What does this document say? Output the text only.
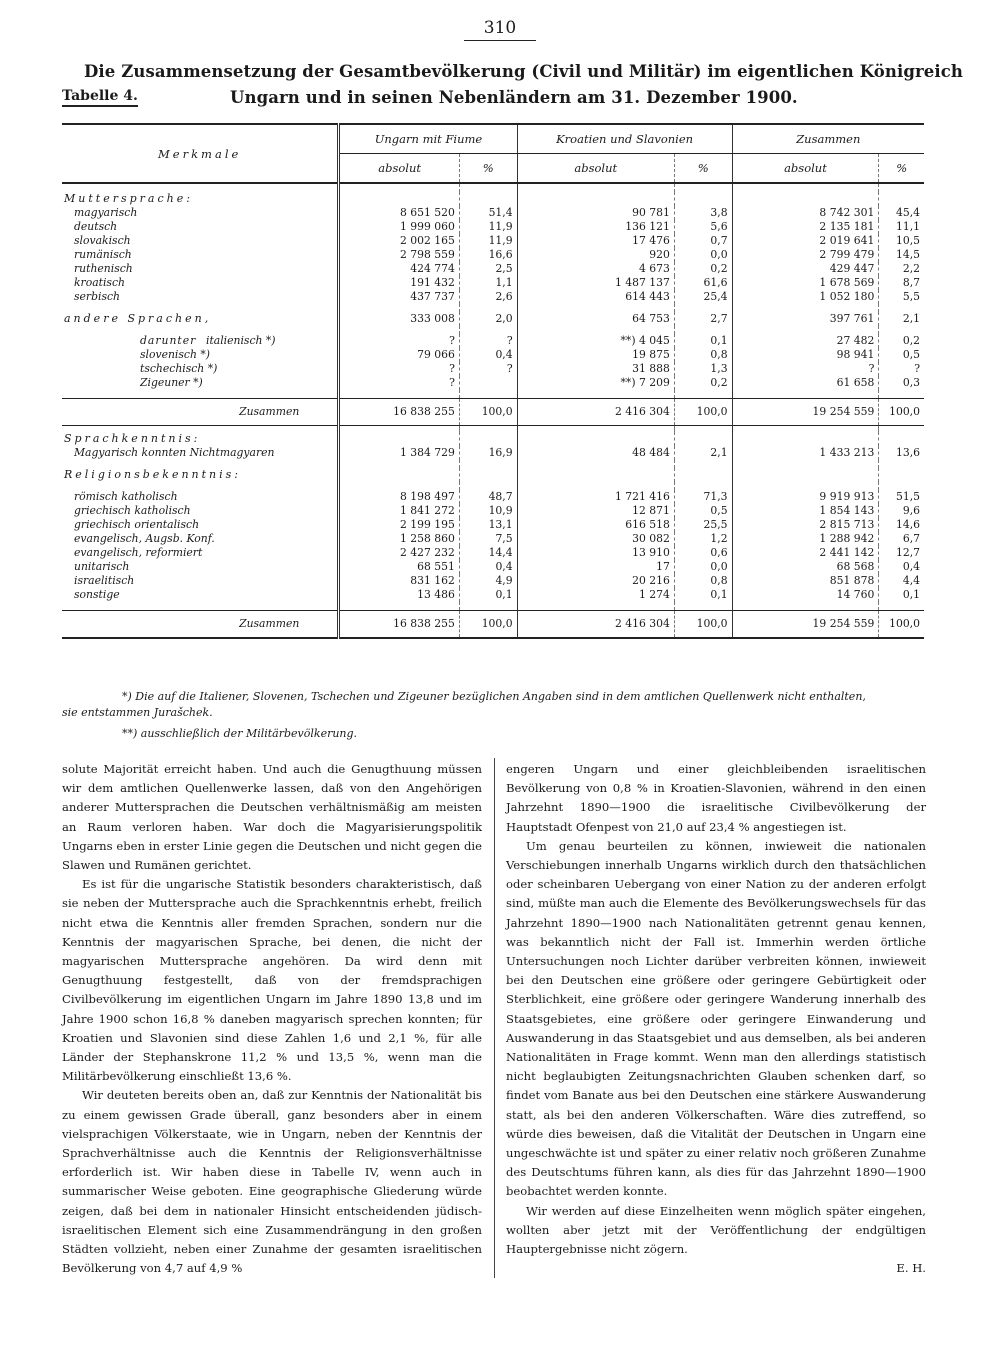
310
Die Zusammensetzung der Gesamtbevölkerung (Civil und Militär) im eigentlichen Königreich
Tabelle 4.	Ungarn und in seinen Nebenländern am 31. Dezember 1900.
Merkmale	Ungarn mit Fiume		Kroatien und Slavonien		Zusammen	
	absolut	%	absolut	%	absolut	%

Muttersprache:						
magyarisch	8 651 520	51,4	90 781	3,8	8 742 301	45,4
deutsch	1 999 060	11,9	136 121	5,6	2 135 181	11,1
slovakisch	2 002 165	11,9	17 476	0,7	2 019 641	10,5
rumänisch	2 798 559	16,6	920	0,0	2 799 479	14,5
ruthenisch	424 774	2,5	4 673	0,2	429 447	2,2
kroatisch	191 432	1,1	1 487 137	61,6	1 678 569	8,7
serbisch	437 737	2,6	614 443	25,4	1 052 180	5,5

andere Sprachen,	333 008	2,0	64 753	2,7	397 761	2,1

darunter italienisch *)	?	?	**) 4 045	0,1	27 482	0,2
slovenisch *)	79 066	0,4	19 875	0,8	98 941	0,5
tschechisch *)	?	?	31 888	1,3	?	?
Zigeuner *)	?		**) 7 209	0,2	61 658	0,3

Zusammen	16 838 255	100,0	2 416 304	100,0	19 254 559	100,0

Sprachkenntnis:						
Magyarisch konnten Nichtmagyaren	1 384 729	16,9	48 484	2,1	1 433 213	13,6

Religionsbekenntnis:						

römisch katholisch	8 198 497	48,7	1 721 416	71,3	9 919 913	51,5
griechisch katholisch	1 841 272	10,9	12 871	0,5	1 854 143	9,6
griechisch orientalisch	2 199 195	13,1	616 518	25,5	2 815 713	14,6
evangelisch, Augsb. Konf.	1 258 860	7,5	30 082	1,2	1 288 942	6,7
evangelisch, reformiert	2 427 232	14,4	13 910	0,6	2 441 142	12,7
unitarisch	68 551	0,4	17	0,0	68 568	0,4
israelitisch	831 162	4,9	20 216	0,8	851 878	4,4
sonstige	13 486	0,1	1 274	0,1	14 760	0,1

Zusammen	16 838 255	100,0	2 416 304	100,0	19 254 559	100,0
*) Die auf die Italiener, Slovenen, Tschechen und Zigeuner bezüglichen Angaben sind in dem amtlichen Quellenwerk nicht enthalten,
sie entstammen Jurašchek.
**) ausschließlich der Militärbevölkerung.

solute Majorität erreicht haben. Und auch die Genugthuung müssen wir dem amtlichen Quellenwerke lassen, daß von den Angehörigen anderer Muttersprachen die Deutschen verhältnismäßig am meisten an Raum verloren haben. War doch die Magyarisierungspolitik Ungarns eben in erster Linie gegen die Deutschen und nicht gegen die Slawen und Rumänen gerichtet.

Es ist für die ungarische Statistik besonders charakteristisch, daß sie neben der Muttersprache auch die Sprachkenntnis erhebt, freilich nicht etwa die Kenntnis aller fremden Sprachen, sondern nur die Kenntnis der magyarischen Sprache, bei denen, die nicht der magyarischen Muttersprache angehören. Da wird denn mit Genugthuung festgestellt, daß von der fremdsprachigen Civilbevölkerung im eigentlichen Ungarn im Jahre 1890 13,8 und im Jahre 1900 schon 16,8 % daneben magyarisch sprechen konnten; für Kroatien und Slavonien sind diese Zahlen 1,6 und 2,1 %, für alle Länder der Stephanskrone 11,2 % und 13,5 %, wenn man die Militärbevölkerung einschließt 13,6 %.

Wir deuteten bereits oben an, daß zur Kenntnis der Nationalität bis zu einem gewissen Grade überall, ganz besonders aber in einem vielsprachigen Völkerstaate, wie in Ungarn, neben der Kenntnis der Sprachverhältnisse auch die Kenntnis der Religionsverhältnisse erforderlich ist. Wir haben diese in Tabelle IV, wenn auch in summarischer Weise geboten. Eine geographische Gliederung würde zeigen, daß bei dem in nationaler Hinsicht entscheidenden jüdisch-israelitischen Element sich eine Zusammendrängung in den großen Städten vollzieht, neben einer Zunahme der gesamten israelitischen Bevölkerung von 4,7 auf 4,9 %

engeren Ungarn und einer gleichbleibenden israelitischen Bevölkerung von 0,8 % in Kroatien-Slavonien, während in den einen Jahrzehnt 1890—1900 die israelitische Civilbevölkerung der Hauptstadt Ofenpest von 21,0 auf 23,4 % angestiegen ist.

Um genau beurteilen zu können, inwieweit die nationalen Verschiebungen innerhalb Ungarns wirklich durch den thatsächlichen oder scheinbaren Uebergang von einer Nation zu der anderen erfolgt sind, müßte man auch die Elemente des Bevölkerungswechsels für das Jahrzehnt 1890—1900 nach Nationalitäten getrennt genau kennen, was bekanntlich nicht der Fall ist. Immerhin werden örtliche Untersuchungen noch Lichter darüber verbreiten können, inwieweit bei den Deutschen eine größere oder geringere Gebürtigkeit oder Sterblichkeit, eine größere oder geringere Wanderung innerhalb des Staatsgebietes, eine größere oder geringere Einwanderung und Auswanderung in das Staatsgebiet und aus demselben, als bei anderen Nationalitäten in Frage kommt. Wenn man den allerdings statistisch nicht beglaubigten Zeitungsnachrichten Glauben schenken darf, so findet vom Banate aus bei den Deutschen eine stärkere Auswanderung statt, als bei den anderen Völkerschaften. Wäre dies zutreffend, so würde dies beweisen, daß die Vitalität der Deutschen in Ungarn eine ungeschwächte ist und später zu einer relativ noch größeren Zunahme des Deutschtums führen kann, als dies für das Jahrzehnt 1890—1900 beobachtet werden konnte.

Wir werden auf diese Einzelheiten wenn möglich später eingehen, wollten aber jetzt mit der Veröffentlichung der endgültigen Hauptergebnisse nicht zögern.

E. H.
